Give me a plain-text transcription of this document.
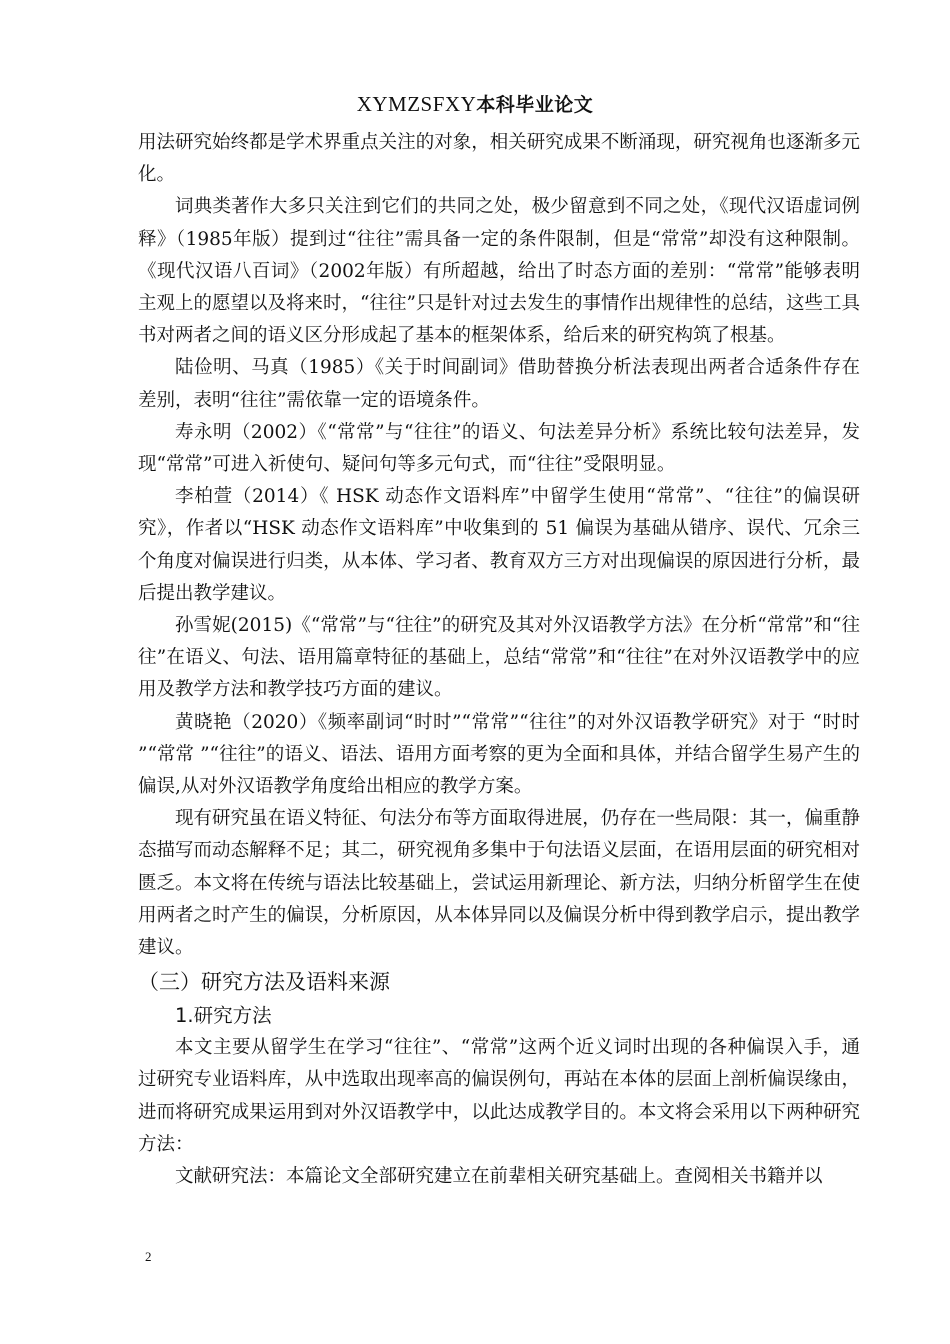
XYMZSFXY本科毕业论文

用法研究始终都是学术界重点关注的对象，相关研究成果不断涌现，研究视角也逐渐多元化。

词典类著作大多只关注到它们的共同之处，极少留意到不同之处，《现代汉语虚词例释》（1985年版）提到过“往往”需具备一定的条件限制，但是“常常”却没有这种限制。《现代汉语八百词》（2002年版）有所超越，给出了时态方面的差别：“常常”能够表明主观上的愿望以及将来时，“往往”只是针对过去发生的事情作出规律性的总结，这些工具书对两者之间的语义区分形成起了基本的框架体系，给后来的研究构筑了根基。

陆俭明、马真（1985）《关于时间副词》借助替换分析法表现出两者合适条件存在差别，表明“往往”需依靠一定的语境条件。

寿永明（2002）《“常常”与“往往”的语义、句法差异分析》系统比较句法差异，发现“常常”可进入祈使句、疑问句等多元句式，而“往往”受限明显。

李柏萱（2014）《 HSK 动态作文语料库”中留学生使用“常常”、“往往”的偏误研究》，作者以“HSK 动态作文语料库”中收集到的 51 偏误为基础从错序、误代、冗余三个角度对偏误进行归类，从本体、学习者、教育双方三方对出现偏误的原因进行分析，最后提出教学建议。

孙雪妮(2015)《“常常”与“往往”的研究及其对外汉语教学方法》在分析“常常”和“往往”在语义、句法、语用篇章特征的基础上，总结“常常”和“往往”在对外汉语教学中的应用及教学方法和教学技巧方面的建议。

黄晓艳（2020）《频率副词“时时”“常常”“往往”的对外汉语教学研究》对于 “时时 ”“常常 ”“往往”的语义、语法、语用方面考察的更为全面和具体，并结合留学生易产生的偏误,从对外汉语教学角度给出相应的教学方案。

现有研究虽在语义特征、句法分布等方面取得进展，仍存在一些局限：其一，偏重静态描写而动态解释不足；其二，研究视角多集中于句法语义层面，在语用层面的研究相对匮乏。本文将在传统与语法比较基础上，尝试运用新理论、新方法，归纳分析留学生在使用两者之时产生的偏误，分析原因，从本体异同以及偏误分析中得到教学启示，提出教学建议。

（三）研究方法及语料来源
1.研究方法

本文主要从留学生在学习“往往”、“常常”这两个近义词时出现的各种偏误入手，通过研究专业语料库，从中选取出现率高的偏误例句，再站在本体的层面上剖析偏误缘由，进而将研究成果运用到对外汉语教学中，以此达成教学目的。本文将会采用以下两种研究方法：

文献研究法：本篇论文全部研究建立在前辈相关研究基础上。查阅相关书籍并以

2
